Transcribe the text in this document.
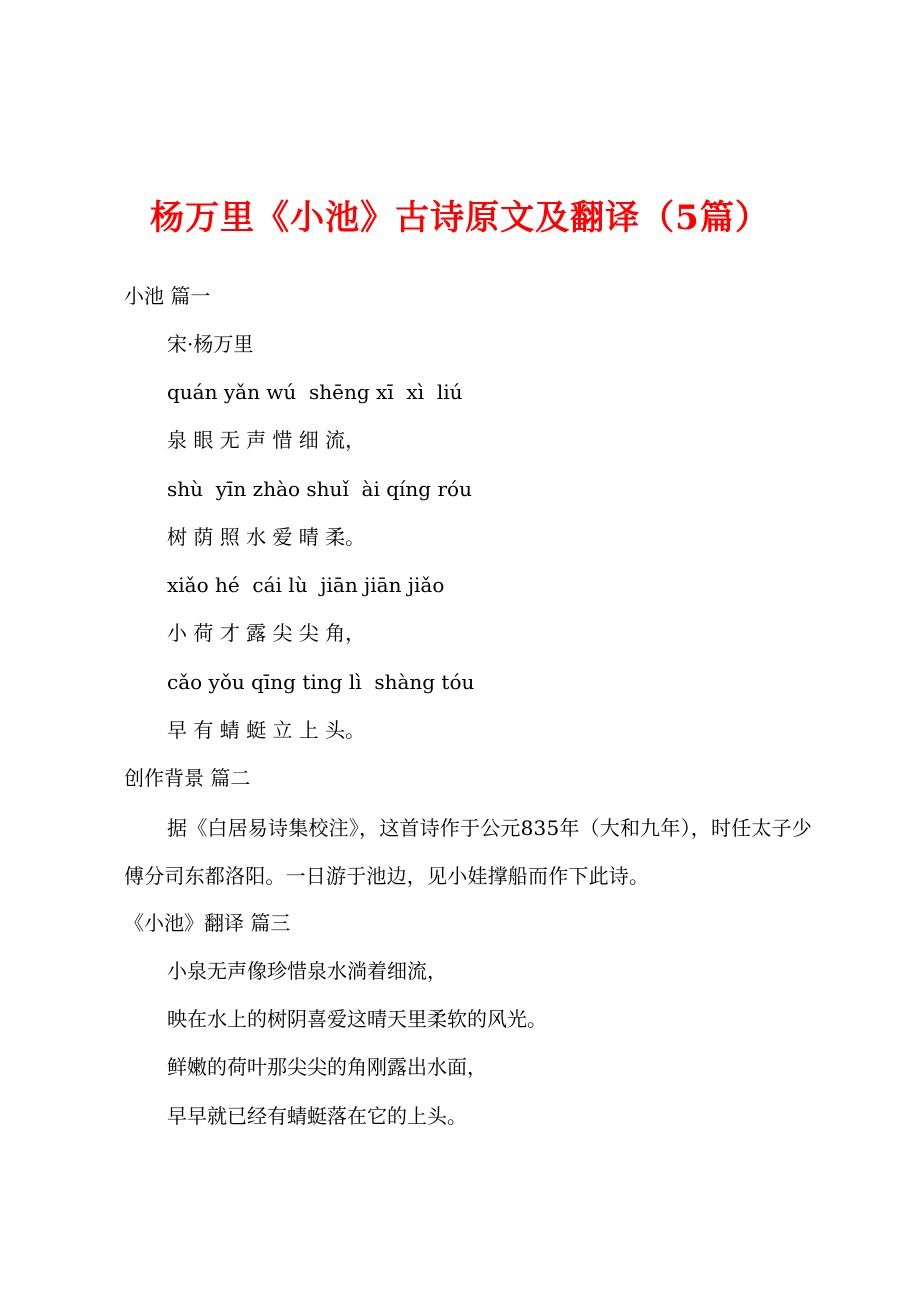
杨万里《小池》古诗原文及翻译（5篇）
小池 篇一
宋·杨万里
quán yǎn wú  shēng xī  xì  liú
泉 眼 无 声 惜 细 流，
shù  yīn zhào shuǐ  ài qíng róu
树 荫 照 水 爱 晴 柔。
xiǎo hé  cái lù  jiān jiān jiǎo
小 荷 才 露 尖 尖 角，
cǎo yǒu qīng ting lì  shàng tóu
早 有 蜻 蜓 立 上 头。
创作背景 篇二
据《白居易诗集校注》，这首诗作于公元835年（大和九年），时任太子少傅分司东都洛阳。一日游于池边，见小娃撑船而作下此诗。
《小池》翻译 篇三
小泉无声像珍惜泉水淌着细流，
映在水上的树阴喜爱这晴天里柔软的风光。
鲜嫩的荷叶那尖尖的角刚露出水面，
早早就已经有蜻蜓落在它的上头。
